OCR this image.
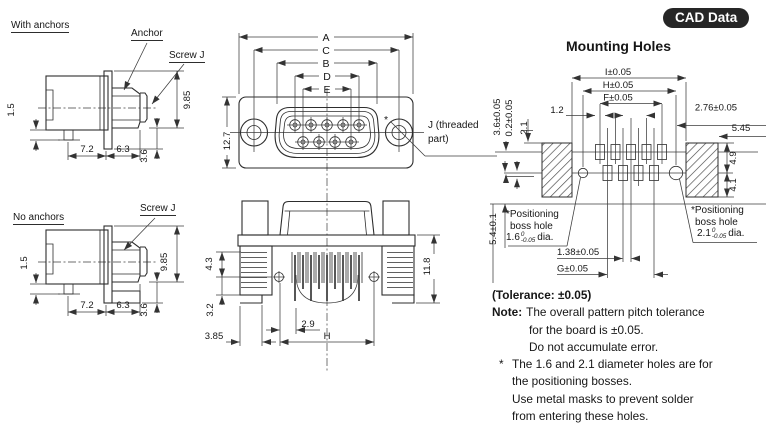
9.85
1.5
3.6
7.2 6.3
9.85
1.5
3.6
7.2 6.3
A
C
B
D
E
12.7
*
4.3
3.2
11.8
2.9
H
3.85
I±0.05
H±0.05
F±0.05
1.2	2.76±0.05
5.45
3.6±0.05 0.2±0.05 2.1
5.4±0.1
4.9
4.1
1.38±0.05
G±0.05
With anchors
Anchor
Screw J
No anchors
Screw J
J (threaded
part)
CAD Data
Mounting Holes
*Positioning
boss hole
1.6 0
-0.05 dia.
*Positioning
boss hole
2.1 0
-0.05 dia.
(Tolerance: ±0.05)
Note: The overall pattern pitch tolerance
for the board is ±0.05.
Do not accumulate error.
* The 1.6 and 2.1 diameter holes are for
the positioning bosses.
Use metal masks to prevent solder
from entering these holes.
